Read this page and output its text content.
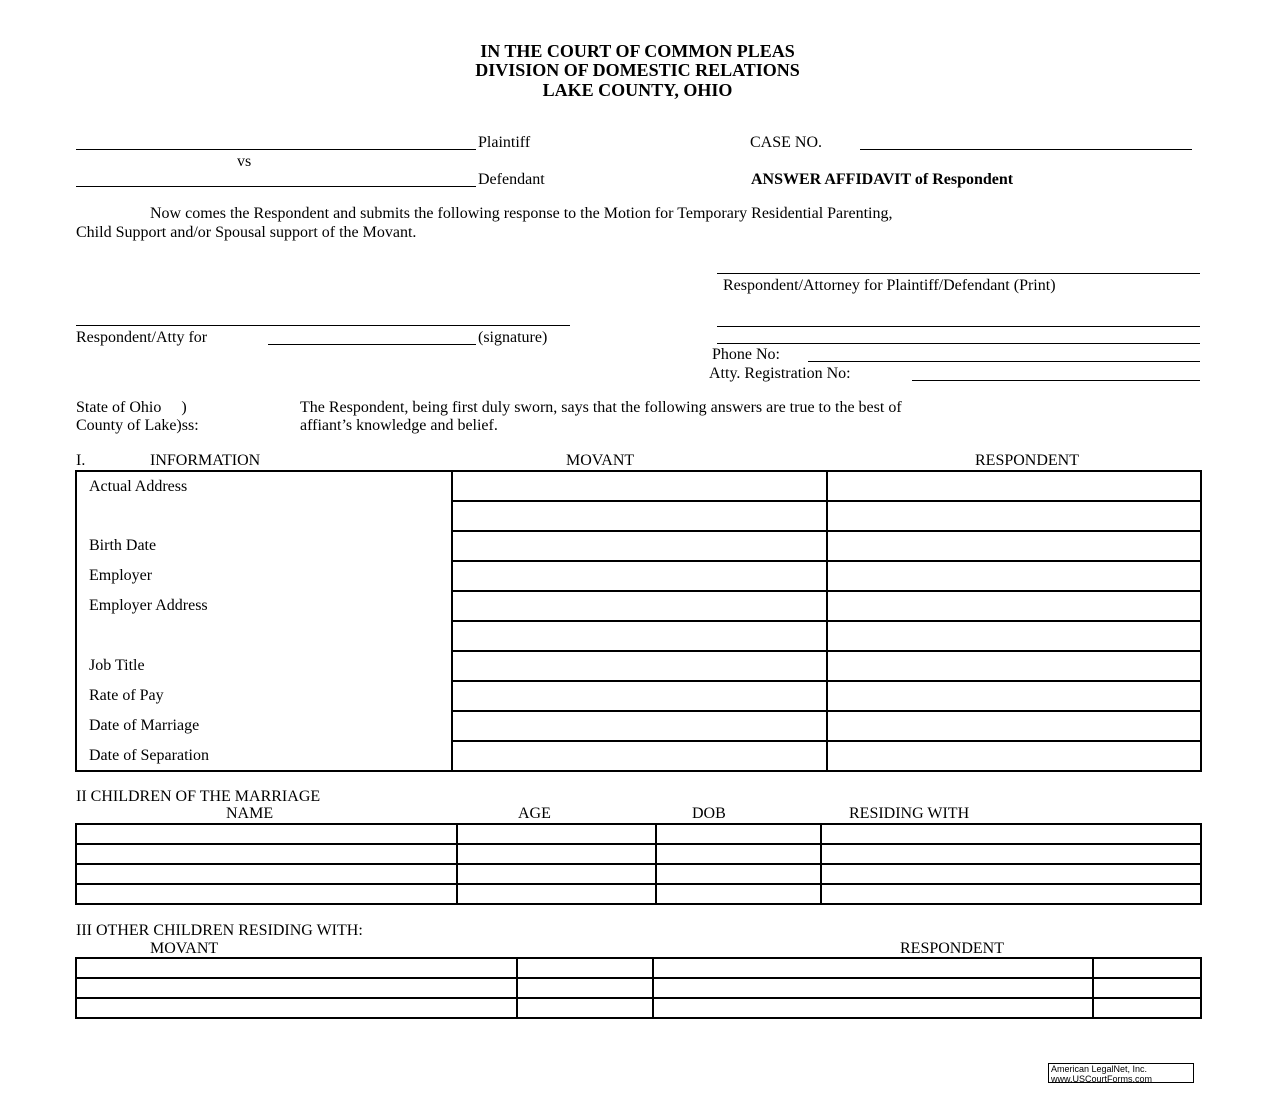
IN THE COURT OF COMMON PLEAS
DIVISION OF DOMESTIC RELATIONS
LAKE COUNTY, OHIO
Plaintiff
vs
Defendant
CASE NO.
ANSWER AFFIDAVIT of Respondent
Now comes the Respondent and submits the following response to the Motion for Temporary Residential Parenting,
Child Support and/or Spousal support of the Movant.
Respondent/Attorney for Plaintiff/Defendant (Print)
Respondent/Atty for	(signature)
Phone No:
Atty. Registration No:
State of Ohio     )
County of Lake)ss:
The Respondent, being first duly sworn, says that the following answers are true to the best of
affiant’s knowledge and belief.
I.	INFORMATION	MOVANT	RESPONDENT
Actual Address		

Birth Date		
Employer		
Employer Address		

Job Title		
Rate of Pay		
Date of Marriage		
Date of Separation		
II CHILDREN OF THE MARRIAGE
NAME	AGE	DOB	RESIDING WITH

III OTHER CHILDREN RESIDING WITH:
MOVANT	RESPONDENT

American LegalNet, Inc.
www.USCourtForms.com
